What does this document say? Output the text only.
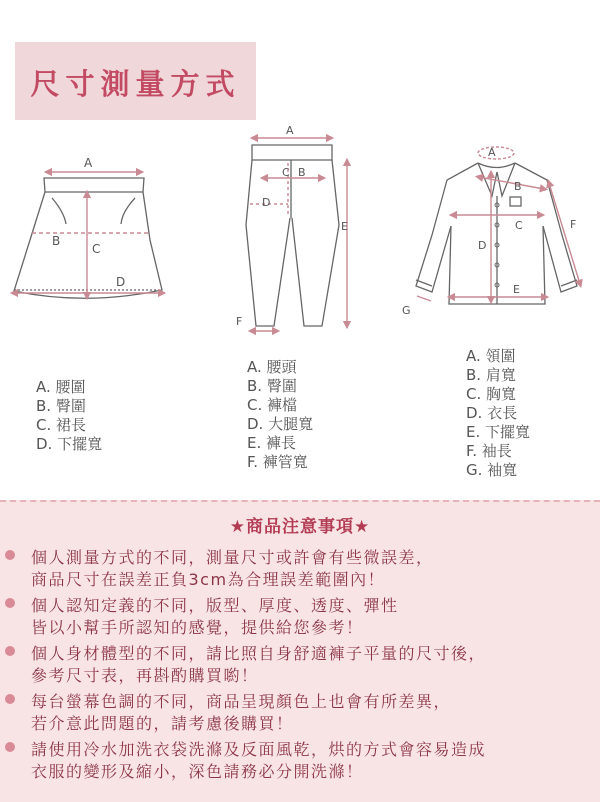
尺寸測量方式
A
B
C
D
A
C B
D
E
F
A
B
C
D
E
F
G
A. 腰圍
B. 臀圍
C. 裙長
D. 下擺寬
A. 腰頭
B. 臀圍
C. 褲檔
D. 大腿寬
E. 褲長
F. 褲管寬
A. 領圍
B. 肩寬
C. 胸寬
D. 衣長
E. 下擺寬
F. 袖長
G. 袖寬
★商品注意事項★
個人測量方式的不同，測量尺寸或許會有些微誤差，
商品尺寸在誤差正負3cm為合理誤差範圍內！
個人認知定義的不同，版型、厚度、透度、彈性
皆以小幫手所認知的感覺，提供給您參考！
個人身材體型的不同，請比照自身舒適褲子平量的尺寸後，
參考尺寸表，再斟酌購買喲！
每台螢幕色調的不同，商品呈現顏色上也會有所差異，
若介意此問題的，請考慮後購買！
請使用冷水加洗衣袋洗滌及反面風乾，烘的方式會容易造成
衣服的變形及縮小，深色請務必分開洗滌！
